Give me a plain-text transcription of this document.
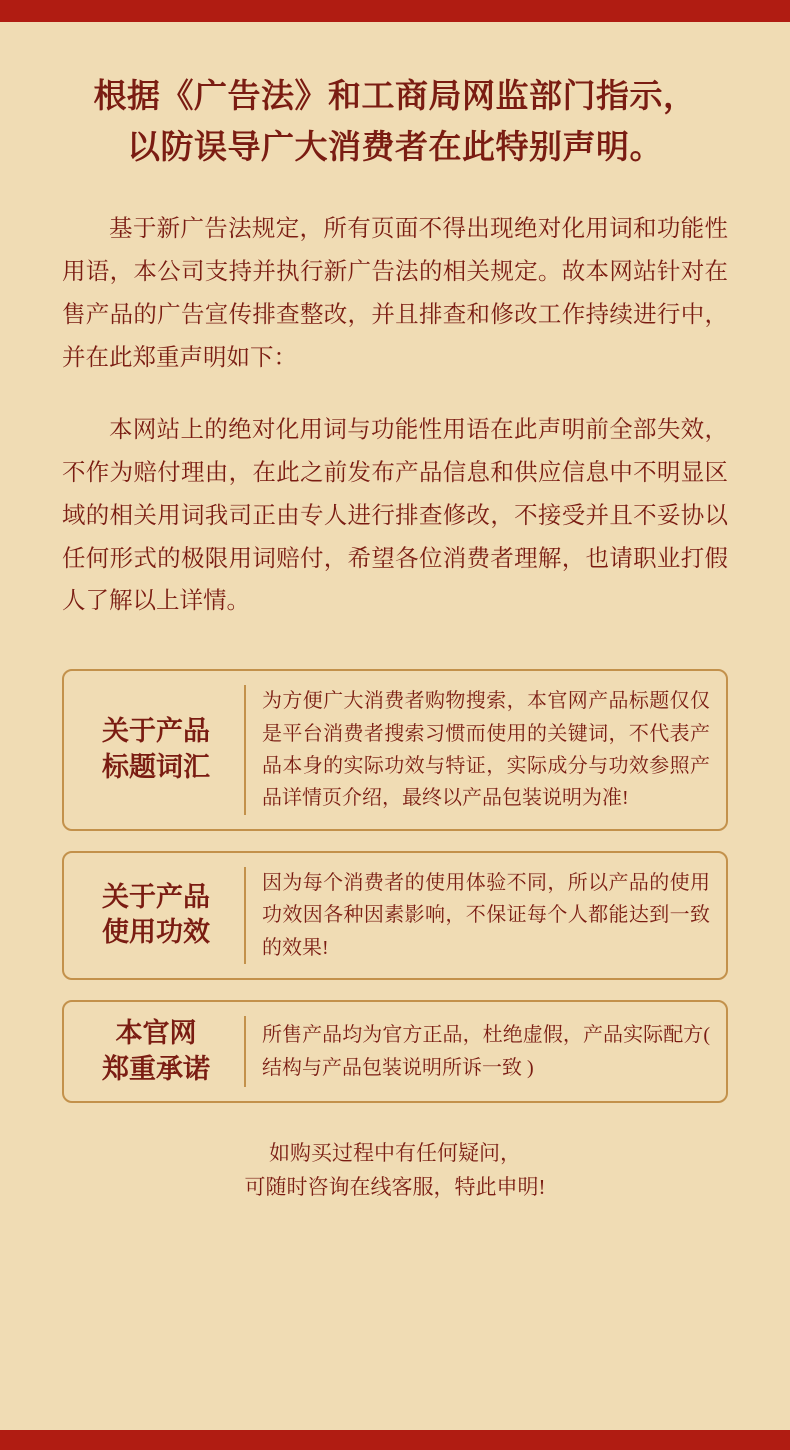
根据《广告法》和工商局网监部门指示，
以防误导广大消费者在此特别声明。
基于新广告法规定，所有页面不得出现绝对化用词和功能性用语，本公司支持并执行新广告法的相关规定。故本网站针对在售产品的广告宣传排查整改，并且排查和修改工作持续进行中，并在此郑重声明如下：
本网站上的绝对化用词与功能性用语在此声明前全部失效，不作为赔付理由，在此之前发布产品信息和供应信息中不明显区域的相关用词我司正由专人进行排查修改，不接受并且不妥协以任何形式的极限用词赔付，希望各位消费者理解，也请职业打假人了解以上详情。
关于产品
标题词汇
为方便广大消费者购物搜索，本官网产品标题仅仅是平台消费者搜索习惯而使用的关键词，不代表产品本身的实际功效与特证，实际成分与功效参照产品详情页介绍，最终以产品包装说明为准!
关于产品
使用功效
因为每个消费者的使用体验不同，所以产品的使用功效因各种因素影响，不保证每个人都能达到一致的效果!
本官网
郑重承诺
所售产品均为官方正品，杜绝虚假，产品实际配方( 结构与产品包装说明所诉一致 )
如购买过程中有任何疑问，
可随时咨询在线客服，特此申明!
